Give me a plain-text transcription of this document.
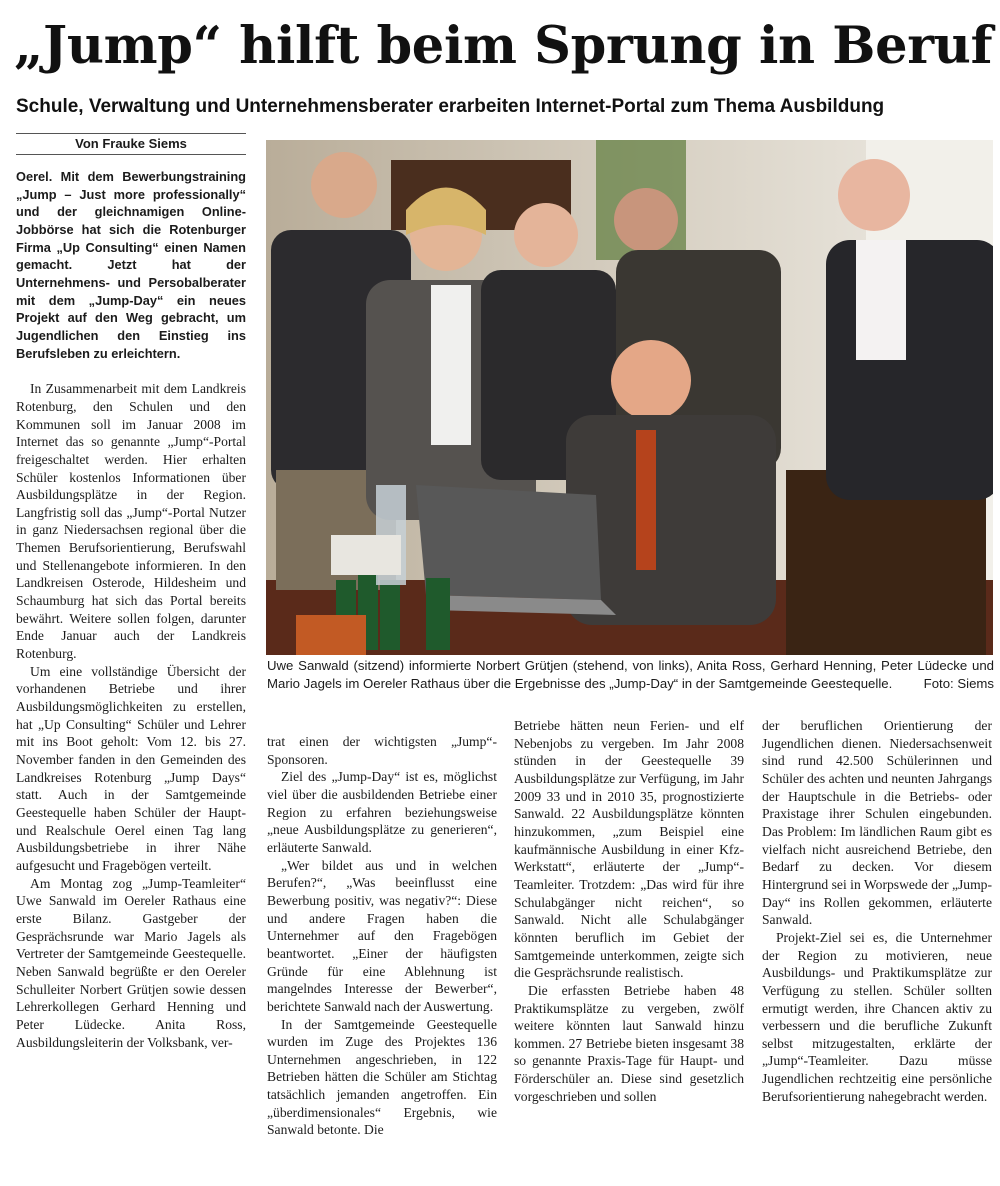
„Jump“ hilft beim Sprung in Beruf
Schule, Verwaltung und Unternehmensberater erarbeiten Internet-Portal zum Thema Ausbildung
Von Frauke Siems

Oerel. Mit dem Bewerbungstraining „Jump – Just more professionally“ und der gleichnamigen Online-Jobbörse hat sich die Rotenburger Firma „Up Consulting“ einen Namen gemacht. Jetzt hat der Unternehmens- und Persobalberater mit dem „Jump-Day“ ein neues Projekt auf den Weg gebracht, um Jugendlichen den Einstieg ins Berufsleben zu erleichtern.

In Zusammenarbeit mit dem Landkreis Rotenburg, den Schulen und den Kommunen soll im Januar 2008 im Internet das so genannte „Jump“-Portal freigeschaltet werden. Hier erhalten Schüler kostenlos Informationen über Ausbildungsplätze in der Region. Langfristig soll das „Jump“-Portal Nutzer in ganz Niedersachsen regional über die Themen Berufsorientierung, Berufswahl und Stellenangebote informieren. In den Landkreisen Osterode, Hildesheim und Schaumburg hat sich das Portal bereits bewährt. Weitere sollen folgen, darunter Ende Januar auch der Landkreis Rotenburg.

Um eine vollständige Übersicht der vorhandenen Betriebe und ihrer Ausbildungsmöglichkeiten zu erstellen, hat „Up Consulting“ Schüler und Lehrer mit ins Boot geholt: Vom 12. bis 27. November fanden in den Gemeinden des Landkreises Rotenburg „Jump Days“ statt. Auch in der Samtgemeinde Geestequelle haben Schüler der Haupt- und Realschule Oerel einen Tag lang Ausbildungsbetriebe in ihrer Nähe aufgesucht und Fragebögen verteilt.

Am Montag zog „Jump-Teamleiter“ Uwe Sanwald im Oereler Rathaus eine erste Bilanz. Gastgeber der Gesprächsrunde war Mario Jagels als Vertreter der Samtgemeinde Geestequelle. Neben Sanwald begrüßte er den Oereler Schulleiter Norbert Grütjen sowie dessen Lehrerkollegen Gerhard Henning und Peter Lüdecke. Anita Ross, Ausbildungsleiterin der Volksbank, ver-

Uwe Sanwald (sitzend) informierte Norbert Grütjen (stehend, von links), Anita Ross, Gerhard Henning, Peter Lüdecke und Mario Jagels im Oereler Rathaus über die Ergebnisse des „Jump-Day“ in der Samtgemeinde Geestequelle. Foto: Siems

trat einen der wichtigsten „Jump“-Sponsoren.

Ziel des „Jump-Day“ ist es, möglichst viel über die ausbildenden Betriebe einer Region zu erfahren beziehungsweise „neue Ausbildungsplätze zu generieren“, erläuterte Sanwald.

„Wer bildet aus und in welchen Berufen?“, „Was beeinflusst eine Bewerbung positiv, was negativ?“: Diese und andere Fragen haben die Unternehmer auf den Fragebögen beantwortet. „Einer der häufigsten Gründe für eine Ablehnung ist mangelndes Interesse der Bewerber“, berichtete Sanwald nach der Auswertung.

In der Samtgemeinde Geestequelle wurden im Zuge des Projektes 136 Unternehmen angeschrieben, in 122 Betrieben hätten die Schüler am Stichtag tatsächlich jemanden angetroffen. Ein „überdimensionales“ Ergebnis, wie Sanwald betonte. Die

Betriebe hätten neun Ferien- und elf Nebenjobs zu vergeben. Im Jahr 2008 stünden in der Geestequelle 39 Ausbildungsplätze zur Verfügung, im Jahr 2009 33 und in 2010 35, prognostizierte Sanwald. 22 Ausbildungsplätze könnten hinzukommen, „zum Beispiel eine kaufmännische Ausbildung in einer Kfz-Werkstatt“, erläuterte der „Jump“-Teamleiter. Trotzdem: „Das wird für ihre Schulabgänger nicht reichen“, so Sanwald. Nicht alle Schulabgänger könnten beruflich im Gebiet der Samtgemeinde unterkommen, zeigte sich die Gesprächsrunde realistisch.

Die erfassten Betriebe haben 48 Praktikumsplätze zu vergeben, zwölf weitere könnten laut Sanwald hinzu kommen. 27 Betriebe bieten insgesamt 38 so genannte Praxis-Tage für Haupt- und Förderschüler an. Diese sind gesetzlich vorgeschrieben und sollen

der beruflichen Orientierung der Jugendlichen dienen. Niedersachsenweit sind rund 42.500 Schülerinnen und Schüler des achten und neunten Jahrgangs der Hauptschule in die Betriebs- oder Praxistage ihrer Schulen eingebunden. Das Problem: Im ländlichen Raum gibt es vielfach nicht ausreichend Betriebe, den Bedarf zu decken. Vor diesem Hintergrund sei in Worpswede der „Jump-Day“ ins Rollen gekommen, erläuterte Sanwald.

Projekt-Ziel sei es, die Unternehmer der Region zu motivieren, neue Ausbildungs- und Praktikumsplätze zur Verfügung zu stellen. Schüler sollten ermutigt werden, ihre Chancen aktiv zu verbessern und die berufliche Zukunft selbst mitzugestalten, erklärte der „Jump“-Teamleiter. Dazu müsse Jugendlichen rechtzeitig eine persönliche Berufsorientierung nahegebracht werden.
